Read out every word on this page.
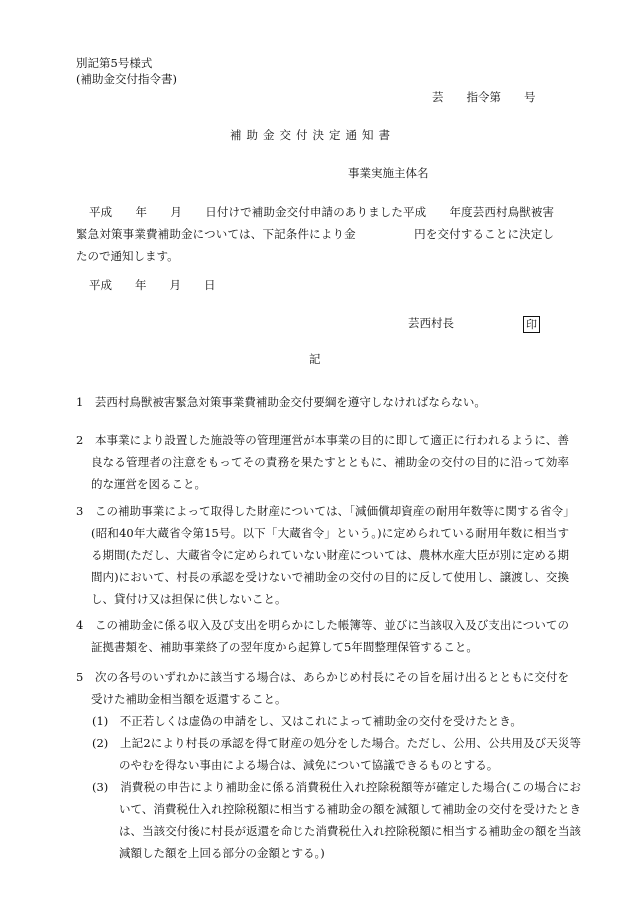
別記第5号様式
(補助金交付指令書)
芸　　指令第　　号
補助金交付決定通知書
事業実施主体名
平成　　年　　月　　日付けで補助金交付申請のありました平成　　年度芸西村鳥獣被害緊急対策事業費補助金については、下記条件により金　　　　　円を交付することに決定したので通知します。
平成　　年　　月　　日
芸西村長	印
記
1　芸西村鳥獣被害緊急対策事業費補助金交付要綱を遵守しなければならない。
2　本事業により設置した施設等の管理運営が本事業の目的に即して適正に行われるように、善良なる管理者の注意をもってその責務を果たすとともに、補助金の交付の目的に沿って効率的な運営を図ること。
3　この補助事業によって取得した財産については、「減価償却資産の耐用年数等に関する省令」(昭和40年大蔵省令第15号。以下「大蔵省令」という。)に定められている耐用年数に相当する期間(ただし、大蔵省令に定められていない財産については、農林水産大臣が別に定める期間内)において、村長の承認を受けないで補助金の交付の目的に反して使用し、譲渡し、交換し、貸付け又は担保に供しないこと。
4　この補助金に係る収入及び支出を明らかにした帳簿等、並びに当該収入及び支出についての証拠書類を、補助事業終了の翌年度から起算して5年間整理保管すること。
5　次の各号のいずれかに該当する場合は、あらかじめ村長にその旨を届け出るとともに交付を受けた補助金相当額を返還すること。
(1)　不正若しくは虚偽の申請をし、又はこれによって補助金の交付を受けたとき。
(2)　上記2により村長の承認を得て財産の処分をした場合。ただし、公用、公共用及び天災等のやむを得ない事由による場合は、減免について協議できるものとする。
(3)　消費税の申告により補助金に係る消費税仕入れ控除税額等が確定した場合(この場合において、消費税仕入れ控除税額に相当する補助金の額を減額して補助金の交付を受けたときは、当該交付後に村長が返還を命じた消費税仕入れ控除税額に相当する補助金の額を当該減額した額を上回る部分の金額とする。)
